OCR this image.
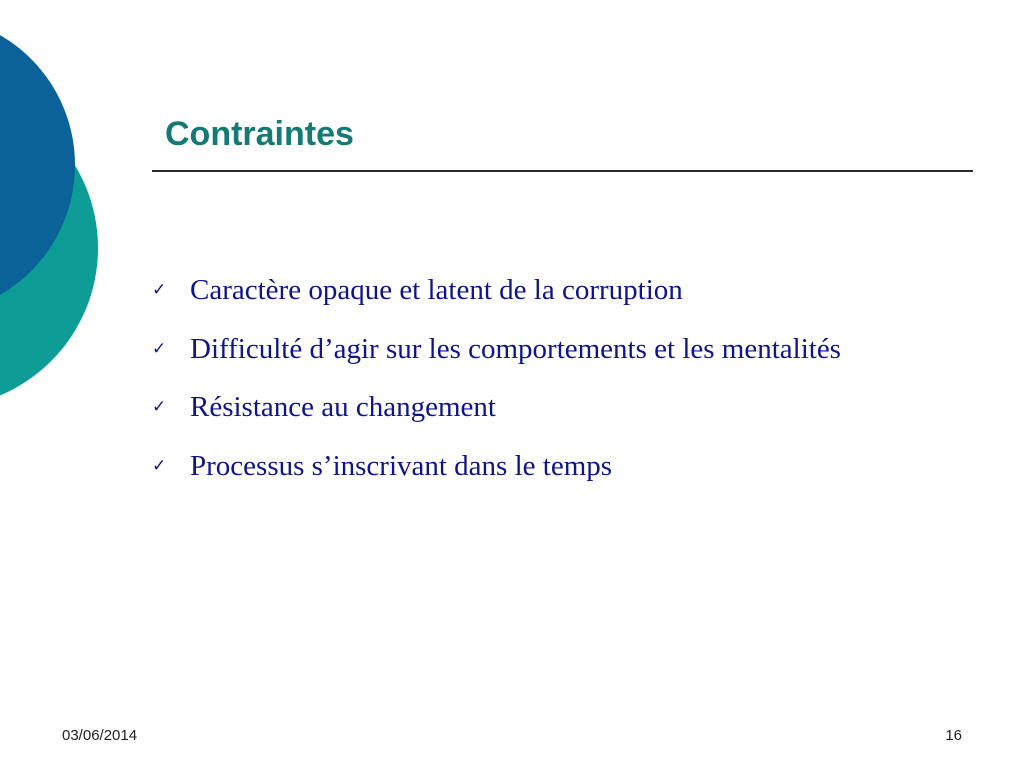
Contraintes
✓ Caractère opaque et latent de la corruption
✓ Difficulté d’agir sur les comportements et les mentalités
✓ Résistance au changement
✓ Processus s’inscrivant dans le temps
03/06/2014	16
